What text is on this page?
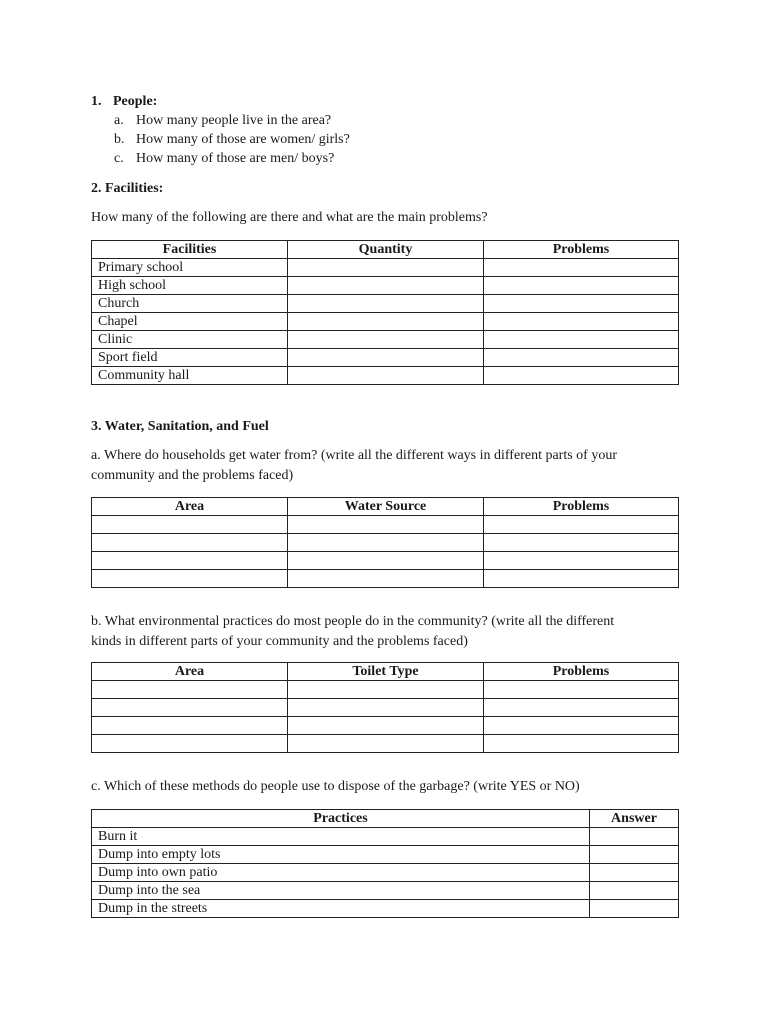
1. People:
a. How many people live in the area?
b. How many of those are women/ girls?
c. How many of those are men/ boys?
2. Facilities:
How many of the following are there and what are the main problems?
Facilities	Quantity	Problems
Primary school		
High school		
Church		
Chapel		
Clinic		
Sport field		
Community hall		
3. Water, Sanitation, and Fuel
a. Where do households get water from? (write all the different ways in different parts of your
community and the problems faced)
Area	Water Source	Problems

b. What environmental practices do most people do in the community? (write all the different
kinds in different parts of your community and the problems faced)
Area	Toilet Type	Problems

c. Which of these methods do people use to dispose of the garbage? (write YES or NO)
Practices	Answer
Burn it	
Dump into empty lots	
Dump into own patio	
Dump into the sea	
Dump in the streets	
